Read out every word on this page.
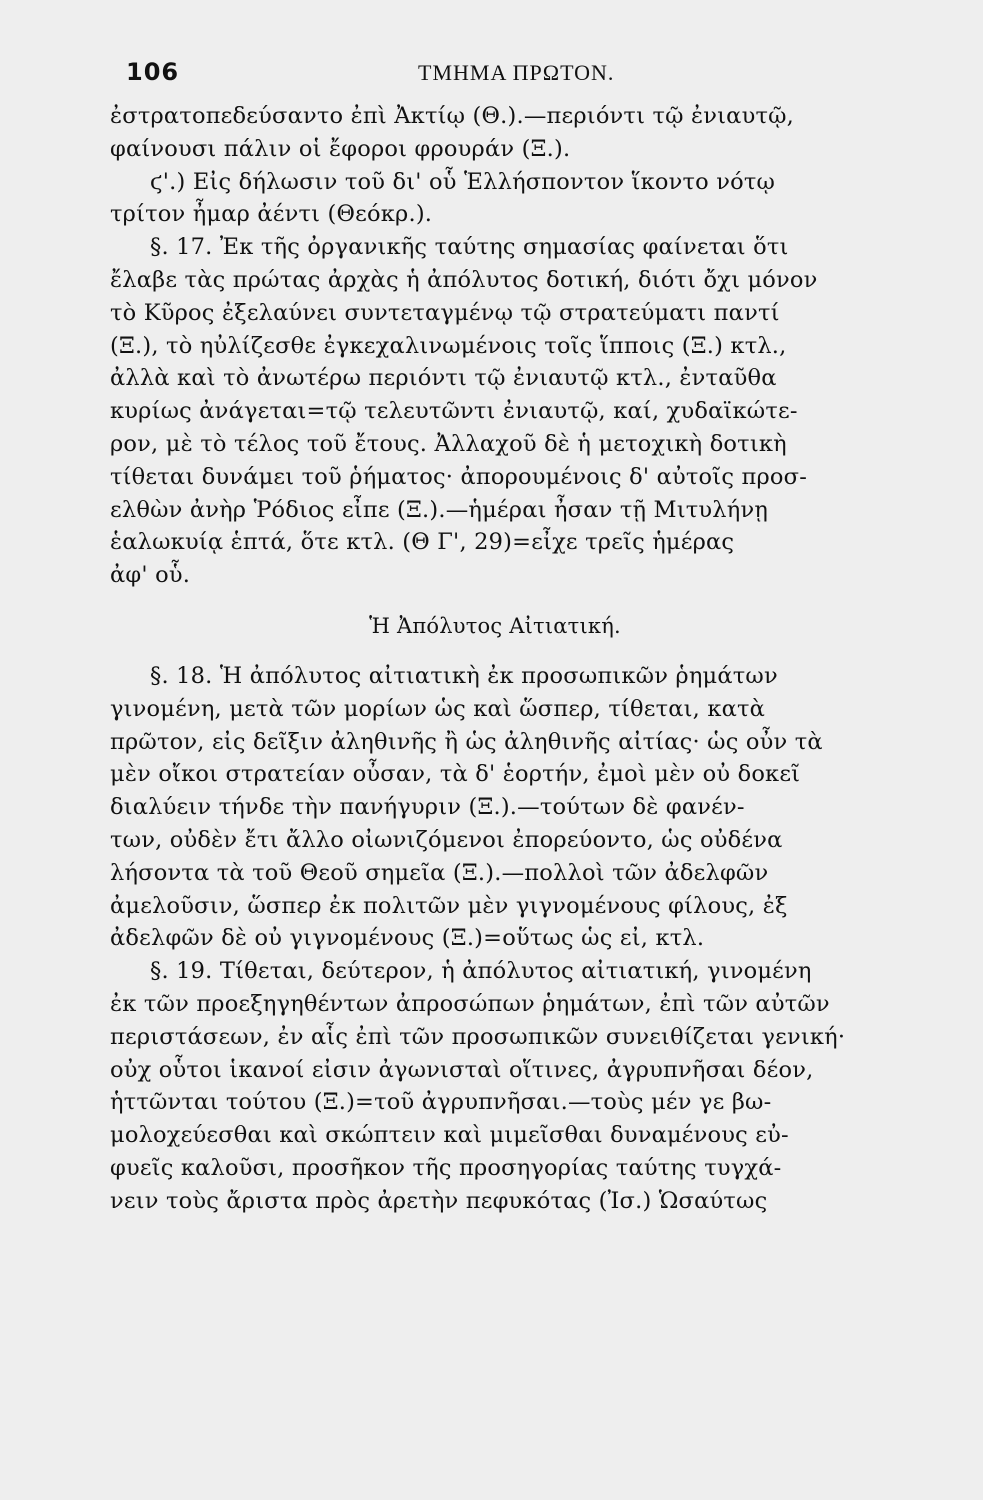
106	ΤΜΗΜΑ ΠΡΩΤΟΝ.
ἐστρατοπεδεύσαντο ἐπὶ Ἀκτίῳ (Θ.).—περιόντι τῷ ἐνιαυτῷ,
φαίνουσι πάλιν οἱ ἔφοροι φρουράν (Ξ.).
ϛ'.) Εἰς δήλωσιν τοῦ δι' οὗ Ἑλλήσποντον ἵκοντο νότῳ
τρίτον ἦμαρ ἀέντι (Θεόκρ.).
§. 17. Ἐκ τῆς ὀργανικῆς ταύτης σημασίας φαίνεται ὅτι
ἔλαβε τὰς πρώτας ἀρχὰς ἡ ἀπόλυτος δοτική, διότι ὄχι μόνον
τὸ Κῦρος ἐξελαύνει συντεταγμένῳ τῷ στρατεύματι παντί
(Ξ.), τὸ ηὐλίζεσθε ἐγκεχαλινωμένοις τοῖς ἵπποις (Ξ.) κτλ.,
ἀλλὰ καὶ τὸ ἀνωτέρω περιόντι τῷ ἐνιαυτῷ κτλ., ἐνταῦθα
κυρίως ἀνάγεται=τῷ τελευτῶντι ἐνιαυτῷ, καί, χυδαϊκώτε-
ρον, μὲ τὸ τέλος τοῦ ἔτους. Ἀλλαχοῦ δὲ ἡ μετοχικὴ δοτικὴ
τίθεται δυνάμει τοῦ ῥήματος· ἀπορουμένοις δ' αὐτοῖς προσ-
ελθὼν ἀνὴρ Ῥόδιος εἶπε (Ξ.).—ἡμέραι ἦσαν τῇ Μιτυλήνῃ
ἑαλωκυίᾳ ἑπτά, ὅτε κτλ. (Θ Γ', 29)=εἶχε τρεῖς ἡμέρας
ἀφ' οὗ.
Ἡ Ἀπόλυτος Αἰτιατική.
§. 18. Ἡ ἀπόλυτος αἰτιατικὴ ἐκ προσωπικῶν ῥημάτων
γινομένη, μετὰ τῶν μορίων ὡς καὶ ὥσπερ, τίθεται, κατὰ
πρῶτον, εἰς δεῖξιν ἀληθινῆς ἢ ὡς ἀληθινῆς αἰτίας· ὡς οὖν τὰ
μὲν οἴκοι στρατείαν οὖσαν, τὰ δ' ἑορτήν, ἐμοὶ μὲν οὐ δοκεῖ
διαλύειν τήνδε τὴν πανήγυριν (Ξ.).—τούτων δὲ φανέν-
των, οὐδὲν ἔτι ἄλλο οἰωνιζόμενοι ἐπορεύοντο, ὡς οὐδένα
λήσοντα τὰ τοῦ Θεοῦ σημεῖα (Ξ.).—πολλοὶ τῶν ἀδελφῶν
ἀμελοῦσιν, ὥσπερ ἐκ πολιτῶν μὲν γιγνομένους φίλους, ἐξ
ἀδελφῶν δὲ οὐ γιγνομένους (Ξ.)=οὕτως ὡς εἰ, κτλ.
§. 19. Τίθεται, δεύτερον, ἡ ἀπόλυτος αἰτιατική, γινομένη
ἐκ τῶν προεξηγηθέντων ἀπροσώπων ῥημάτων, ἐπὶ τῶν αὐτῶν
περιστάσεων, ἐν αἷς ἐπὶ τῶν προσωπικῶν συνειθίζεται γενική·
οὐχ οὗτοι ἱκανοί εἰσιν ἀγωνισταὶ οἵτινες, ἀγρυπνῆσαι δέον,
ἡττῶνται τούτου (Ξ.)=τοῦ ἀγρυπνῆσαι.—τοὺς μέν γε βω-
μολοχεύεσθαι καὶ σκώπτειν καὶ μιμεῖσθαι δυναμένους εὐ-
φυεῖς καλοῦσι, προσῆκον τῆς προσηγορίας ταύτης τυγχά-
νειν τοὺς ἄριστα πρὸς ἀρετὴν πεφυκότας (Ἰσ.) Ὡσαύτως
